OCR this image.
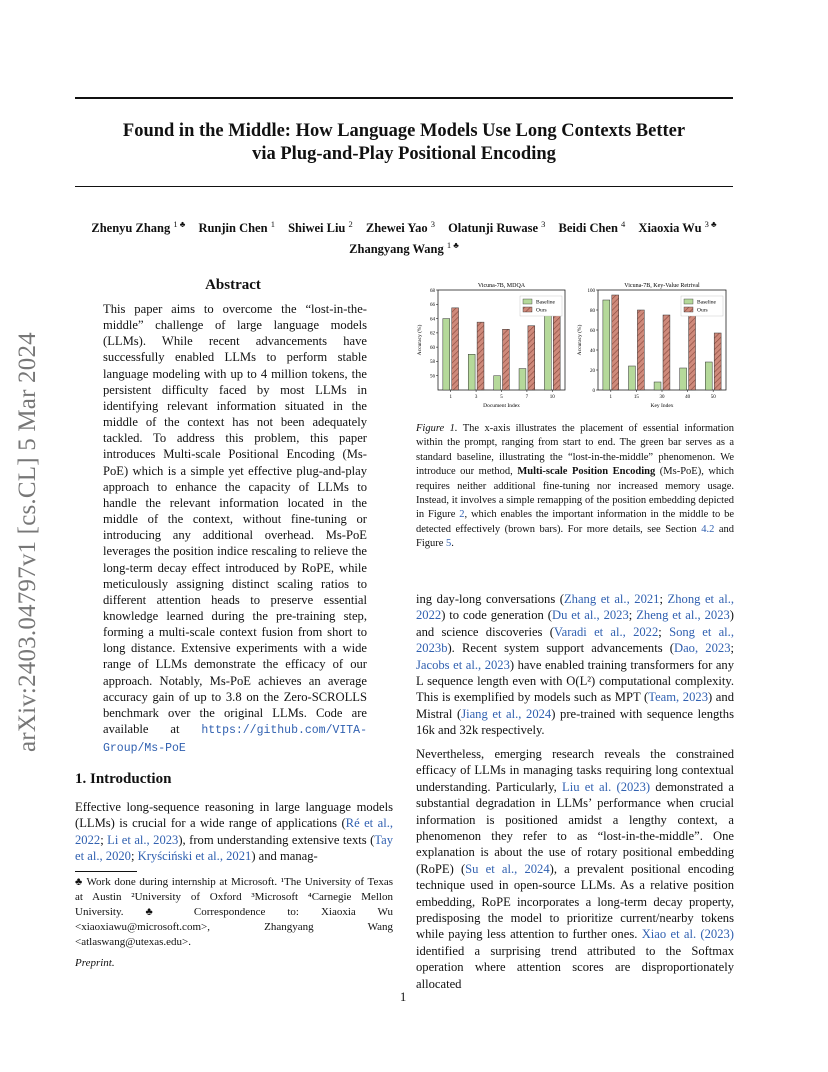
arXiv:2403.04797v1 [cs.CL] 5 Mar 2024
Found in the Middle: How Language Models Use Long Contexts Better
via Plug-and-Play Positional Encoding
Zhenyu Zhang $^{1 ♣}$ Runjin Chen $^1$ Shiwei Liu $^2$ Zhewei Yao $^3$ Olatunji Ruwase $^3$ Beidi Chen $^4$ Xiaoxia Wu $^{3 ♣}$
Zhangyang Wang $^{1 ♣}$
Abstract
This paper aims to overcome the “lost-in-the-middle” challenge of large language models (LLMs). While recent advancements have successfully enabled LLMs to perform stable language modeling with up to 4 million tokens, the persistent difficulty faced by most LLMs in identifying relevant information situated in the middle of the context has not been adequately tackled. To address this problem, this paper introduces Multi-scale Positional Encoding (Ms-PoE) which is a simple yet effective plug-and-play approach to enhance the capacity of LLMs to handle the relevant information located in the middle of the context, without fine-tuning or introducing any additional overhead. Ms-PoE leverages the position indice rescaling to relieve the long-term decay effect introduced by RoPE, while meticulously assigning distinct scaling ratios to different attention heads to preserve essential knowledge learned during the pre-training step, forming a multi-scale context fusion from short to long distance. Extensive experiments with a wide range of LLMs demonstrate the efficacy of our approach. Notably, Ms-PoE achieves an average accuracy gain of up to 3.8 on the Zero-SCROLLS benchmark over the original LLMs. Code are available at https://github.com/VITA-Group/Ms-PoE
1. Introduction
Effective long-sequence reasoning in large language models (LLMs) is crucial for a wide range of applications (Ré et al., 2022; Li et al., 2023), from understanding extensive texts (Tay et al., 2020; Kryściński et al., 2021) and manag-
♣ Work done during internship at Microsoft. ¹The University of Texas at Austin ²University of Oxford ³Microsoft ⁴Carnegie Mellon University. ♣ Correspondence to: Xiaoxia Wu <xiaoxiawu@microsoft.com>, Zhangyang Wang <atlaswang@utexas.edu>.
Preprint.
1
Vicuna-7B, MDQA
56
58
60
62
64
66
68
Accuracy (%)
Document Index
1	3	5	7	10
Baseline
Ours
Vicuna-7B, Key-Value Retrival
0
20
40
60
80
100
Accuracy (%)
Key Index
1	15	30	40	50
Baseline
Ours
Figure 1. The x-axis illustrates the placement of essential information within the prompt, ranging from start to end. The green bar serves as a standard baseline, illustrating the “lost-in-the-middle” phenomenon. We introduce our method, Multi-scale Position Encoding (Ms-PoE), which requires neither additional fine-tuning nor increased memory usage. Instead, it involves a simple remapping of the position embedding depicted in Figure 2, which enables the important information in the middle to be detected effectively (brown bars). For more details, see Section 4.2 and Figure 5.
ing day-long conversations (Zhang et al., 2021; Zhong et al., 2022) to code generation (Du et al., 2023; Zheng et al., 2023) and science discoveries (Varadi et al., 2022; Song et al., 2023b). Recent system support advancements (Dao, 2023; Jacobs et al., 2023) have enabled training transformers for any L sequence length even with O(L²) computational complexity. This is exemplified by models such as MPT (Team, 2023) and Mistral (Jiang et al., 2024) pre-trained with sequence lengths 16k and 32k respectively.
Nevertheless, emerging research reveals the constrained efficacy of LLMs in managing tasks requiring long contextual understanding. Particularly, Liu et al. (2023) demonstrated a substantial degradation in LLMs’ performance when crucial information is positioned amidst a lengthy context, a phenomenon they refer to as “lost-in-the-middle”. One explanation is about the use of rotary positional embedding (RoPE) (Su et al., 2024), a prevalent positional encoding technique used in open-source LLMs. As a relative position embedding, RoPE incorporates a long-term decay property, predisposing the model to prioritize current/nearby tokens while paying less attention to further ones. Xiao et al. (2023) identified a surprising trend attributed to the Softmax operation where attention scores are disproportionately allocated
